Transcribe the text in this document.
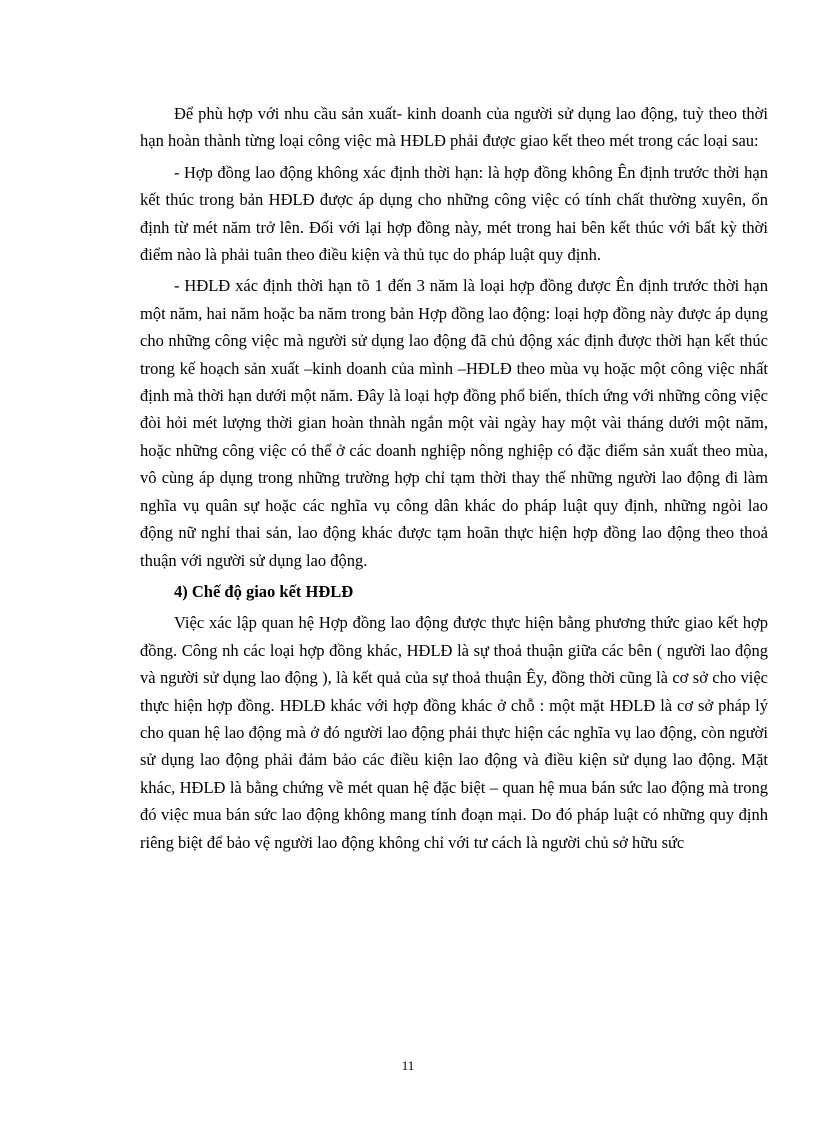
Để phù hợp với nhu cầu sản xuất- kinh doanh của người sử dụng lao động, tuỳ theo thời hạn hoàn thành từng loại công việc mà HĐLĐ phải được giao kết theo mét trong các loại sau:

- Hợp đồng lao động không xác định thời hạn: là hợp đồng không Ên định trước thời hạn kết thúc trong bản HĐLĐ được áp dụng cho những công việc có tính chất thường xuyên, ổn định từ mét năm trở lên. Đối với lại hợp đồng này, mét trong hai bên kết thúc với bất kỳ thời điểm nào là phải tuân theo điều kiện và thủ tục do pháp luật quy định.

- HĐLĐ xác định thời hạn tõ 1 đến 3 năm là loại hợp đồng được Ên định trước thời hạn một năm, hai năm hoặc ba năm trong bản Hợp đồng lao động: loại hợp đồng này được áp dụng cho những công việc mà người sử dụng lao động đã chủ động xác định được thời hạn kết thúc trong kế hoạch sản xuất –kinh doanh của mình –HĐLĐ theo mùa vụ hoặc một công việc nhất định mà thời hạn dưới một năm. Đây là loại hợp đồng phổ biến, thích ứng với những công việc đòi hỏi mét lượng thời gian hoàn thnàh ngắn một vài ngày hay một vài tháng dưới một năm, hoặc những công việc có thể ở các doanh nghiệp nông nghiệp có đặc điểm sản xuất theo mùa, vô cùng áp dụng trong những trường hợp chỉ tạm thời thay thế những người lao động đi làm nghĩa vụ quân sự hoặc các nghĩa vụ công dân khác do pháp luật quy định, những ngòi lao động nữ nghỉ thai sản, lao động khác được tạm hoãn thực hiện hợp đồng lao động theo thoả thuận với người sử dụng lao động.

4) Chế độ giao kết HĐLĐ

Việc xác lập quan hệ Hợp đồng lao động được thực hiện bằng phương thức giao kết hợp đồng. Công nh các loại hợp đồng khác, HĐLĐ là sự thoả thuận giữa các bên ( người lao động và người sử dụng lao động ), là kết quả của sự thoả thuận Êy, đồng thời cũng là cơ sở cho việc thực hiện hợp đồng. HĐLĐ khác với hợp đồng khác ở chỗ : một mặt HĐLĐ là cơ sở pháp lý cho quan hệ lao động mà ở đó người lao động phải thực hiện các nghĩa vụ lao động, còn người sử dụng lao động phải đảm bảo các điều kiện lao động và điều kiện sử dụng lao động. Mặt khác, HĐLĐ là bằng chứng về mét quan hệ đặc biệt – quan hệ mua bán sức lao động mà trong đó việc mua bán sức lao động không mang tính đoạn mại. Do đó pháp luật có những quy định riêng biệt để bảo vệ người lao động không chỉ với tư cách là người chủ sở hữu sức

11
